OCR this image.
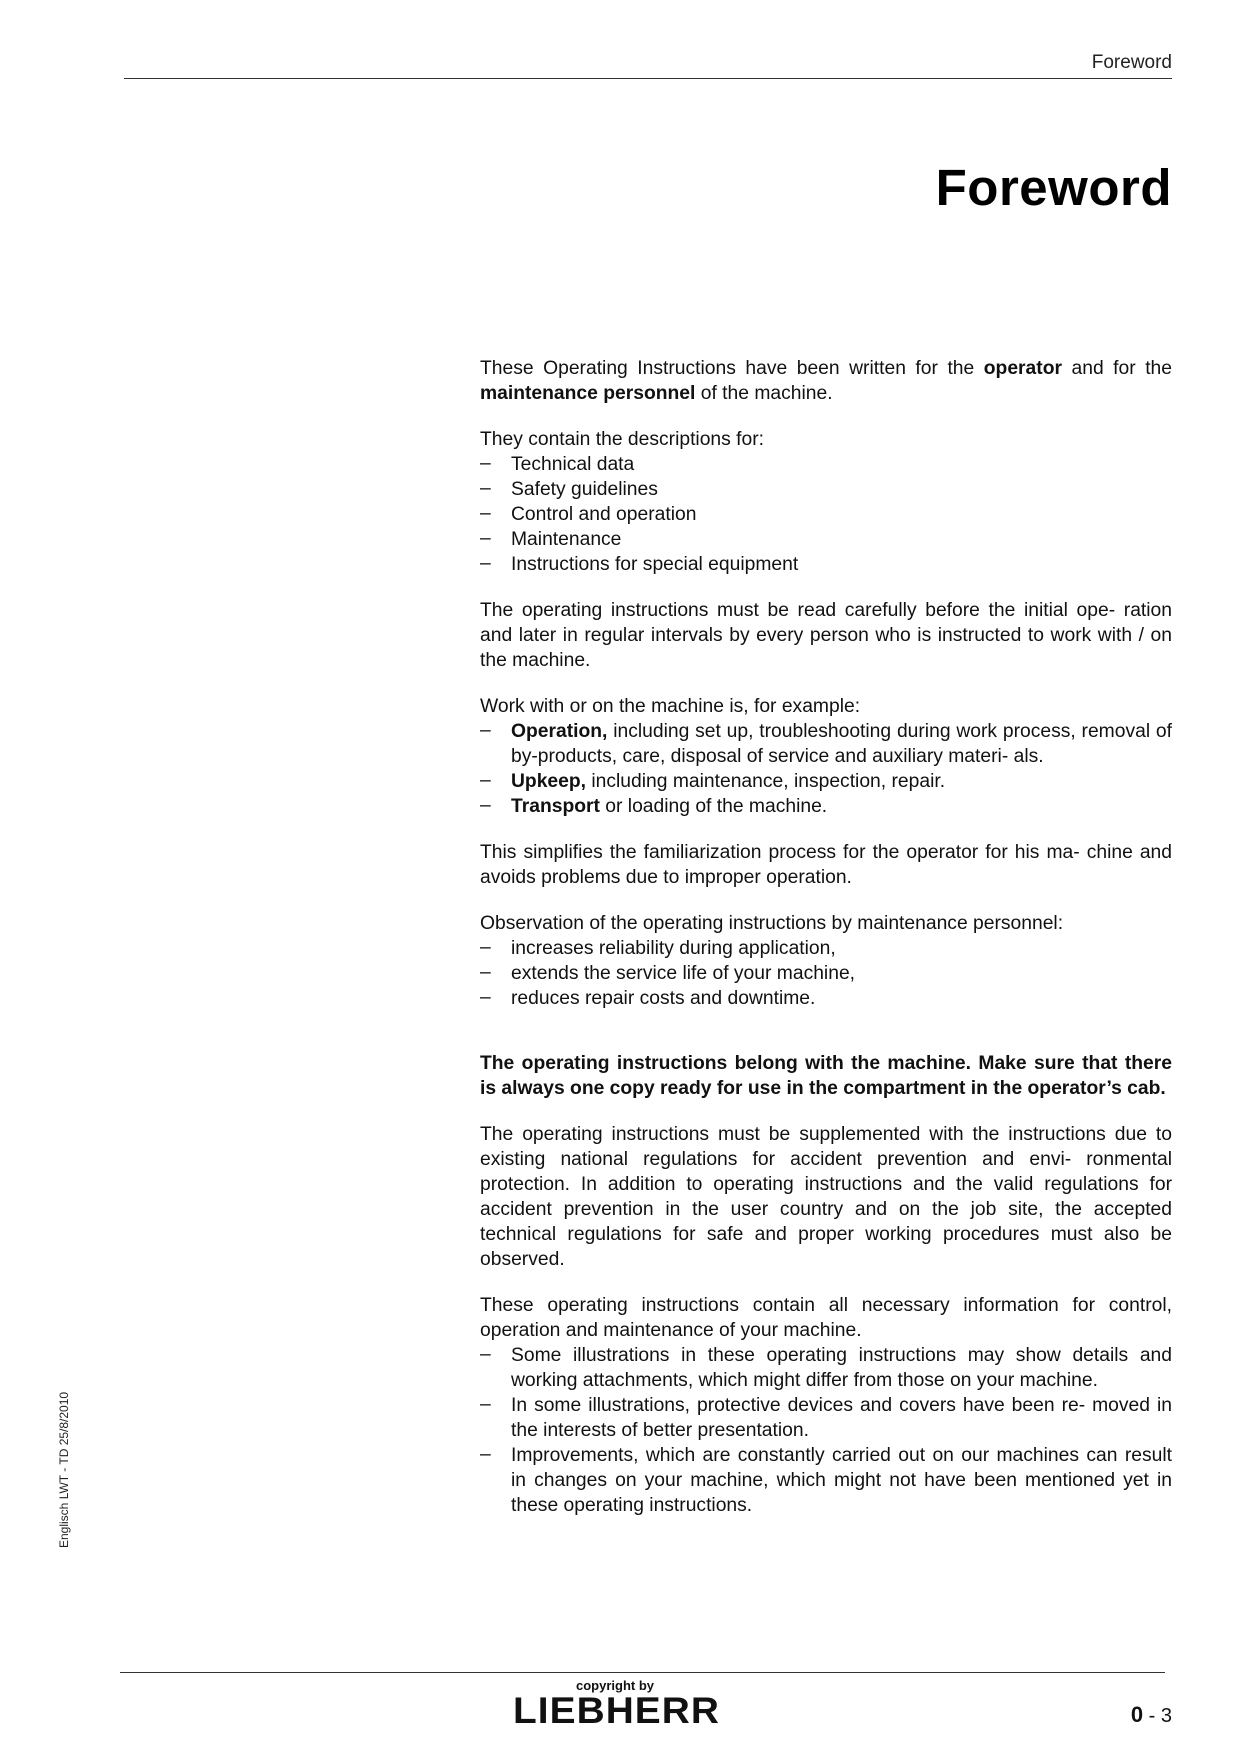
Foreword
Foreword
Englisch LWT - TD 25/8/2010

These Operating Instructions have been written for the operator and for the maintenance personnel of the machine.

They contain the descriptions for:

– Technical data
– Safety guidelines
– Control and operation
– Maintenance
– Instructions for special equipment

The operating instructions must be read carefully before the initial ope- ration and later in regular intervals by every person who is instructed to work with / on the machine.

Work with or on the machine is, for example:

– Operation, including set up, troubleshooting during work process, removal of by-products, care, disposal of service and auxiliary materi- als.
– Upkeep, including maintenance, inspection, repair.
– Transport or loading of the machine.

This simplifies the familiarization process for the operator for his ma- chine and avoids problems due to improper operation.

Observation of the operating instructions by maintenance personnel:

– increases reliability during application,
– extends the service life of your machine,
– reduces repair costs and downtime.

The operating instructions belong with the machine. Make sure that there is always one copy ready for use in the compartment in the operator’s cab.

The operating instructions must be supplemented with the instructions due to existing national regulations for accident prevention and envi- ronmental protection. In addition to operating instructions and the valid regulations for accident prevention in the user country and on the job site, the accepted technical regulations for safe and proper working procedures must also be observed.

These operating instructions contain all necessary information for control, operation and maintenance of your machine.

– Some illustrations in these operating instructions may show details and working attachments, which might differ from those on your machine.
– In some illustrations, protective devices and covers have been re- moved in the interests of better presentation.
– Improvements, which are constantly carried out on our machines can result in changes on your machine, which might not have been mentioned yet in these operating instructions.
copyright by
LIEBHERR	0 - 3
